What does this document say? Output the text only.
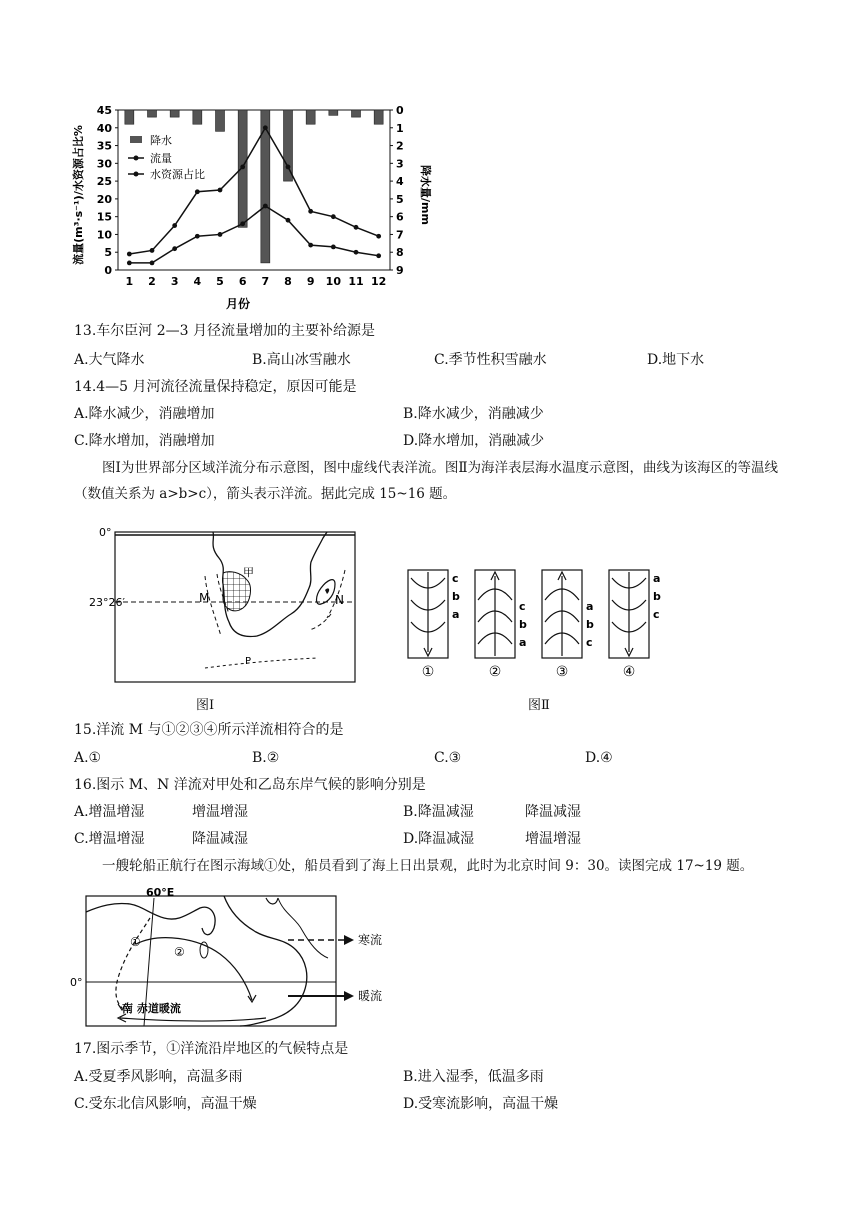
0
5
10
15
20
25
30
35
40
45	0
1
2
3
4
5
6
7
8
9
1 2 3 4 5 6 7 8 9 10 11 12
月份
流量(m³·s⁻¹)/水资源占比%	降水量/mm
降水
流量
水资源占比
13.车尔臣河 2—3 月径流量增加的主要补给源是
A.大气降水	B.高山冰雪融水	C.季节性积雪融水	D.地下水
14.4—5 月河流径流量保持稳定，原因可能是
A.降水减少，消融增加	B.降水减少，消融减少
C.降水增加，消融增加	D.降水增加，消融减少
图Ⅰ为世界部分区域洋流分布示意图，图中虚线代表洋流。图Ⅱ为海洋表层海水温度示意图，曲线为该海区的等温线（数值关系为 a>b>c），箭头表示洋流。据此完成 15~16 题。
0°
甲
23°26′	M	N
P
图Ⅰ
c
b
a
①
c
b
a
②
a
b
c
③
a
b
c
④
图Ⅱ
15.洋流 M 与①②③④所示洋流相符合的是
A.①	B.②	C.③	D.④
16.图示 M、N 洋流对甲处和乙岛东岸气候的影响分别是
A.增温增湿	增温增湿	B.降温减湿	降温减湿
C.增温增湿	降温减湿	D.降温减湿	增温增湿
一艘轮船正航行在图示海域①处，船员看到了海上日出景观，此时为北京时间 9：30。读图完成 17~19 题。
60°E
0°
①
②
南 赤道暖流
寒流
暖流
17.图示季节，①洋流沿岸地区的气候特点是
A.受夏季风影响，高温多雨	B.进入湿季，低温多雨
C.受东北信风影响，高温干燥	D.受寒流影响，高温干燥
